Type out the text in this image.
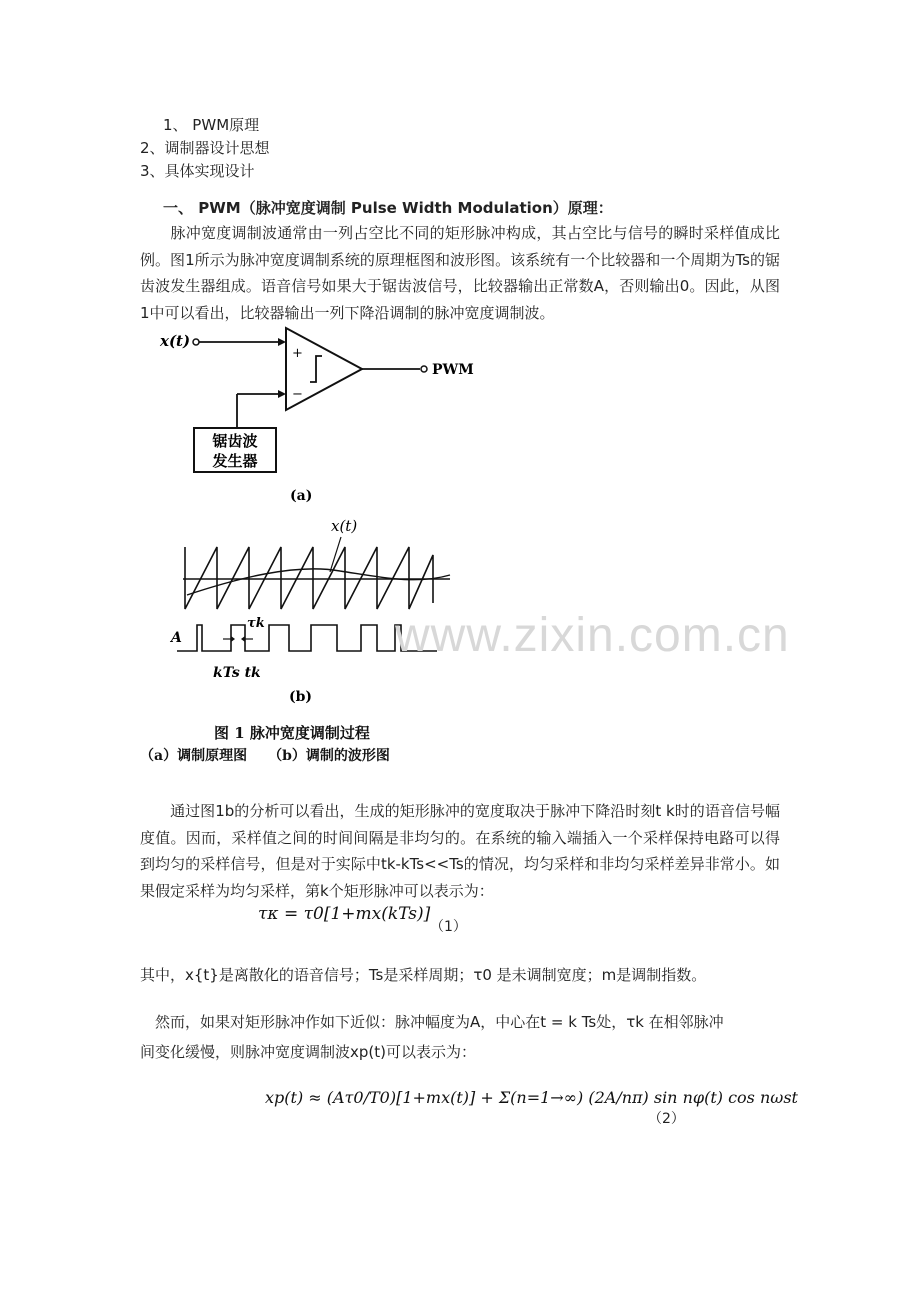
1、 PWM原理
2、调制器设计思想
3、具体实现设计
一、 PWM（脉冲宽度调制 Pulse Width Modulation）原理：

　　脉冲宽度调制波通常由一列占空比不同的矩形脉冲构成，其占空比与信号的瞬时采样值成比例。图1所示为脉冲宽度调制系统的原理框图和波形图。该系统有一个比较器和一个周期为Ts的锯齿波发生器组成。语音信号如果大于锯齿波信号，比较器输出正常数A，否则输出0。因此，从图1中可以看出，比较器输出一列下降沿调制的脉冲宽度调制波。

x(t)
+
−
PWM
锯齿波
发生器
(a)
x(t)
A
τk
kTs tk
(b)
图 1 脉冲宽度调制过程
（a）调制原理图　　（b）调制的波形图
www.zixin.com.cn

　　通过图1b的分析可以看出，生成的矩形脉冲的宽度取决于脉冲下降沿时刻t k时的语音信号幅度值。因而，采样值之间的时间间隔是非均匀的。在系统的输入端插入一个采样保持电路可以得到均匀的采样信号，但是对于实际中tk-kTs<<Ts的情况，均匀采样和非均匀采样差异非常小。如果假定采样为均匀采样，第k个矩形脉冲可以表示为：

τκ = τ0[1+mx(kTs)]
（1）
其中，x{t}是离散化的语音信号；Ts是采样周期；τ0 是未调制宽度；m是调制指数。
　然而，如果对矩形脉冲作如下近似：脉冲幅度为A，中心在t = k Ts处，τk 在相邻脉冲
间变化缓慢，则脉冲宽度调制波xp(t)可以表示为：
xp(t) ≈ (Aτ0/T0)[1+mx(t)] + Σ(n=1→∞) (2A/nπ) sin nφ(t) cos nωst
（2）
